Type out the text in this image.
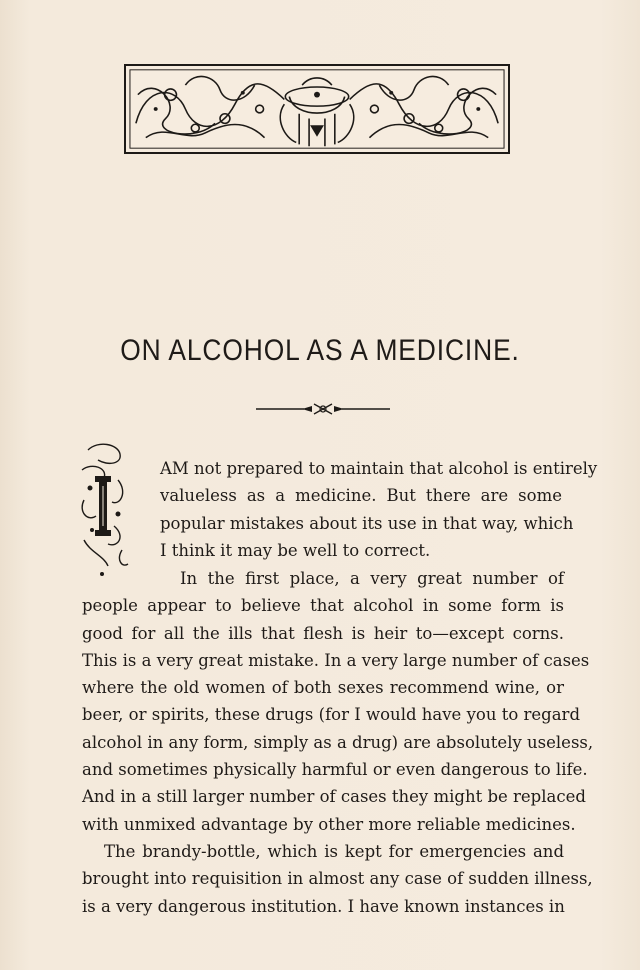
ON ALCOHOL AS A MEDICINE.
AM not prepared to maintain that alcohol is entirely
valueless as a medicine. But there are some
popular mistakes about its use in that way, which
I think it may be well to correct.
In the first place, a very great number of
people appear to believe that alcohol in some form is
good for all the ills that flesh is heir to—except corns.
This is a very great mistake. In a very large number of cases
where the old women of both sexes recommend wine, or
beer, or spirits, these drugs (for I would have you to regard
alcohol in any form, simply as a drug) are absolutely useless,
and sometimes physically harmful or even dangerous to life.
And in a still larger number of cases they might be replaced
with unmixed advantage by other more reliable medicines.
The brandy-bottle, which is kept for emergencies and
brought into requisition in almost any case of sudden illness,
is a very dangerous institution. I have known instances in
